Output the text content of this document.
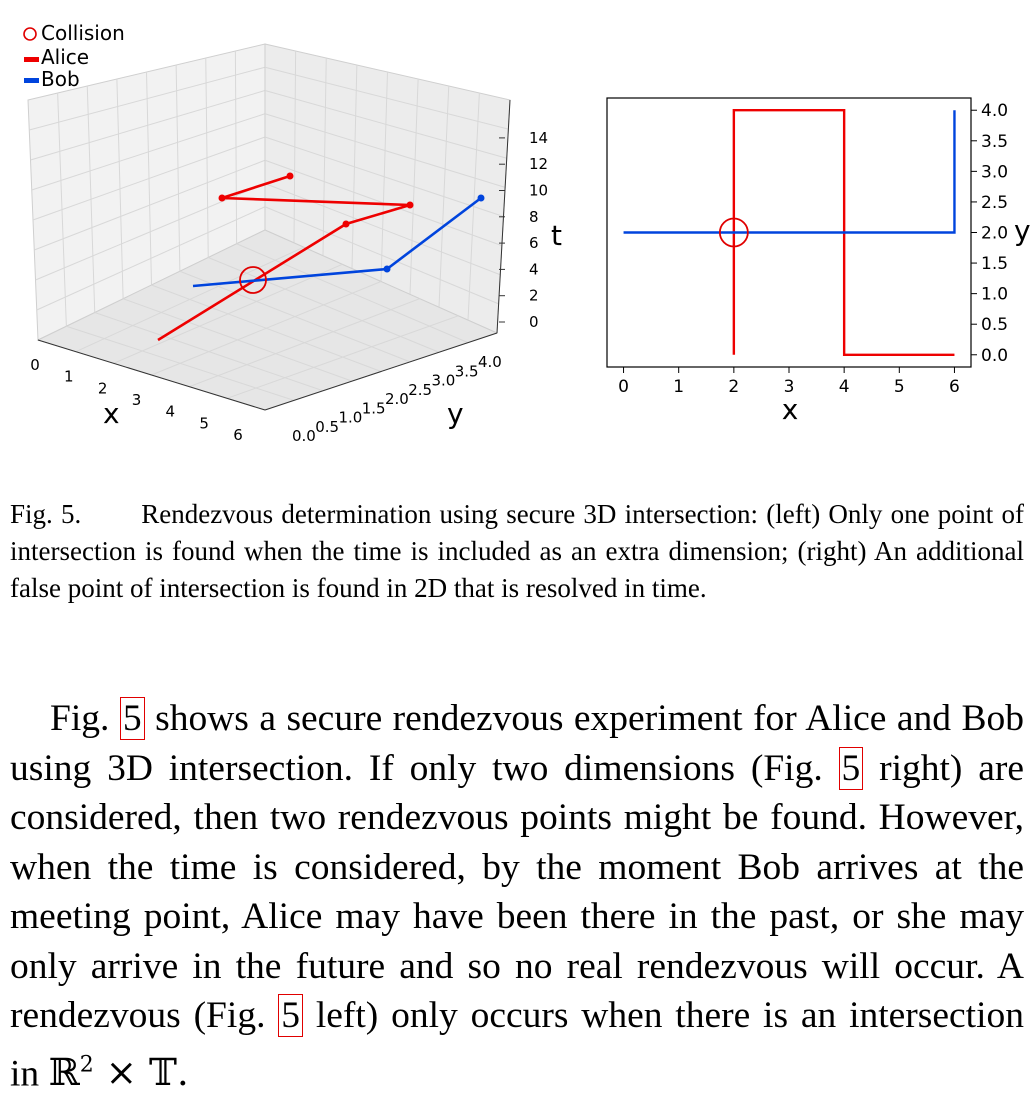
0
1
2
3
4
5
6	0.0
0.5
1.0
1.5
2.0
2.5
3.0
3.5
4.0
0
2
4
6
8
10
12
14
x	y
t
Collision
Alice
Bob
0	1	2	3	4	5	6
0.0
0.5
1.0
1.5
2.0
2.5
3.0
3.5
4.0
x
y
Fig. 5. Rendezvous determination using secure 3D intersection: (left) Only one point of intersection is found when the time is included as an extra dimension; (right) An additional false point of intersection is found in 2D that is resolved in time.
Fig. 5 shows a secure rendezvous experiment for Alice and Bob using 3D intersection. If only two dimensions (Fig. 5 right) are considered, then two rendezvous points might be found. However, when the time is considered, by the moment Bob arrives at the meeting point, Alice may have been there in the past, or she may only arrive in the future and so no real rendezvous will occur. A rendezvous (Fig. 5 left) only occurs when there is an intersection in ℝ$^2$ × 𝕋.
